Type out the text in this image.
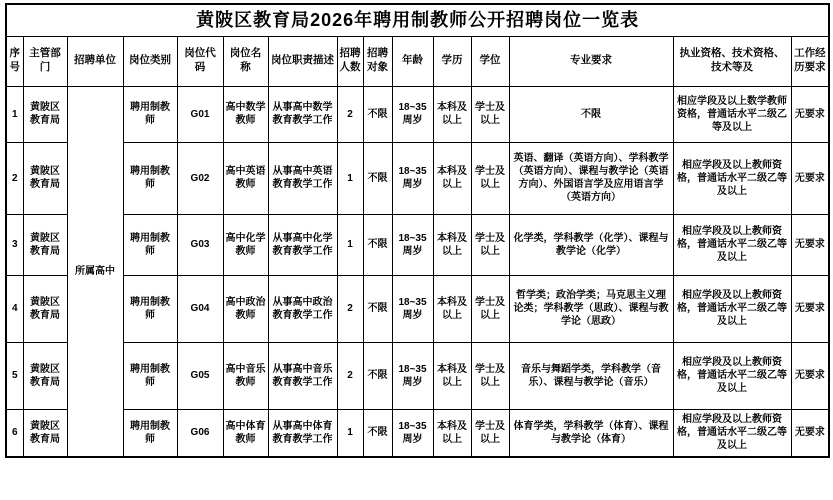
黄陂区教育局2026年聘用制教师公开招聘岗位一览表														
序号	主管部门	招聘单位	岗位类别	岗位代码	岗位名称	岗位职责描述	招聘人数	招聘对象	年龄	学历	学位	专业要求	执业资格、技术资格、技术等及	工作经历要求
1	黄陂区教育局	所属高中	聘用制教师	G01	高中数学教师	从事高中数学教育教学工作	2	不限	18~35周岁	本科及以上	学士及以上	不限	相应学段及以上数学教师资格，普通话水平二级乙等及以上	无要求
2	黄陂区教育局		聘用制教师	G02	高中英语教师	从事高中英语教育教学工作	1	不限	18~35周岁	本科及以上	学士及以上	英语、翻译（英语方向）、学科教学（英语方向）、课程与教学论（英语方向）、外国语言学及应用语言学（英语方向）	相应学段及以上教师资格，普通话水平二级乙等及以上	无要求
3	黄陂区教育局		聘用制教师	G03	高中化学教师	从事高中化学教育教学工作	1	不限	18~35周岁	本科及以上	学士及以上	化学类，学科教学（化学）、课程与教学论（化学）	相应学段及以上教师资格，普通话水平二级乙等及以上	无要求
4	黄陂区教育局		聘用制教师	G04	高中政治教师	从事高中政治教育教学工作	2	不限	18~35周岁	本科及以上	学士及以上	哲学类；政治学类；马克思主义理论类；学科教学（思政）、课程与教学论（思政）	相应学段及以上教师资格，普通话水平二级乙等及以上	无要求
5	黄陂区教育局		聘用制教师	G05	高中音乐教师	从事高中音乐教育教学工作	2	不限	18~35周岁	本科及以上	学士及以上	音乐与舞蹈学类，学科教学（音乐）、课程与教学论（音乐）	相应学段及以上教师资格，普通话水平二级乙等及以上	无要求
6	黄陂区教育局		聘用制教师	G06	高中体育教师	从事高中体育教育教学工作	1	不限	18~35周岁	本科及以上	学士及以上	体育学类，学科教学（体育）、课程与教学论（体育）	相应学段及以上教师资格，普通话水平二级乙等及以上	无要求
